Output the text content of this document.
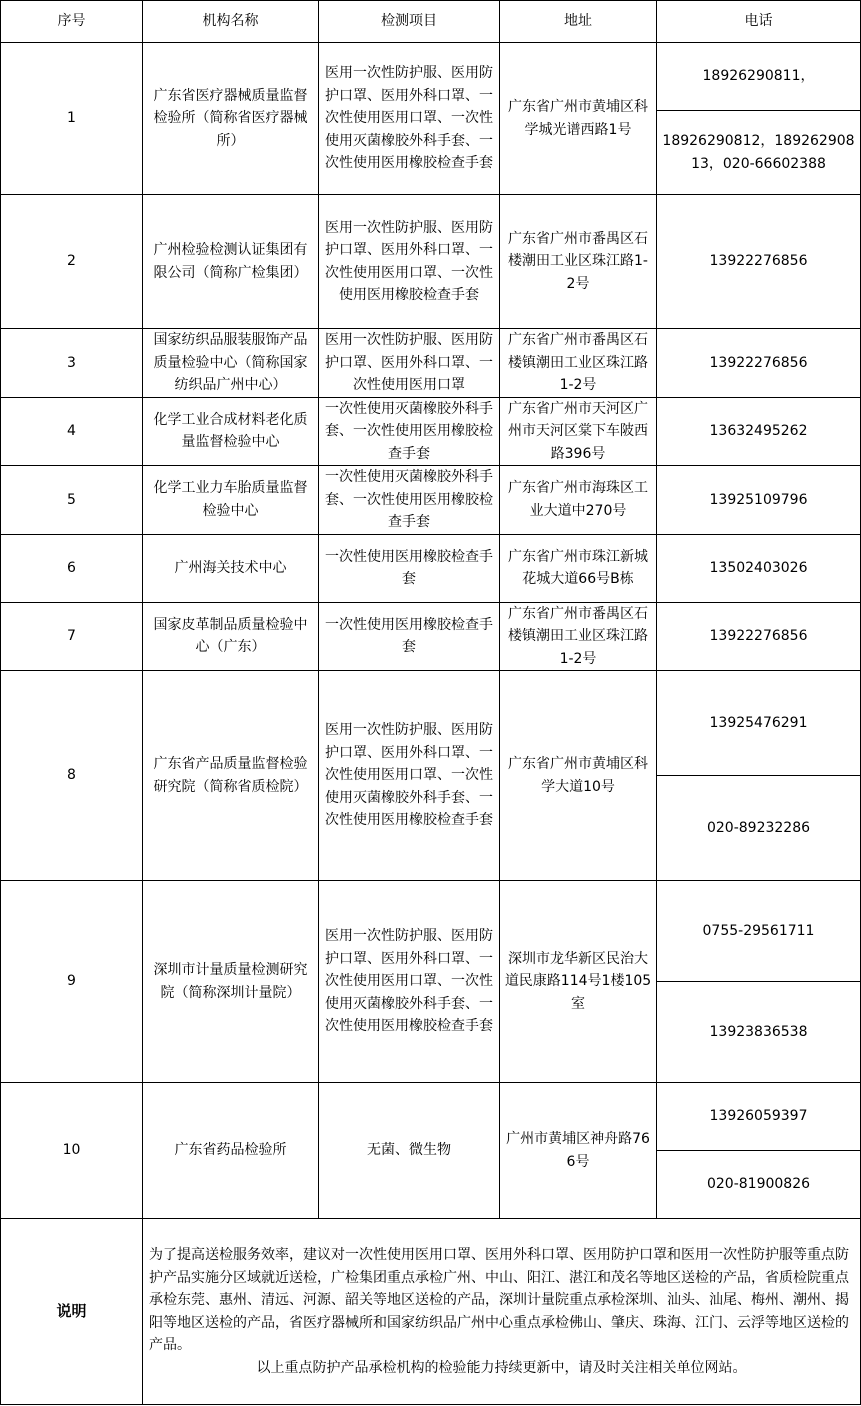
序号	机构名称	检测项目	地址	电话
1	广东省医疗器械质量监督检验所（简称省医疗器械所）	医用一次性防护服、医用防护口罩、医用外科口罩、一次性使用医用口罩、一次性使用灭菌橡胶外科手套、一次性使用医用橡胶检查手套	广东省广州市黄埔区科学城光谱西路1号	18926290811，
				18926290812，18926290813，020-66602388
2	广州检验检测认证集团有限公司（简称广检集团）	医用一次性防护服、医用防护口罩、医用外科口罩、一次性使用医用口罩、一次性使用医用橡胶检查手套	广东省广州市番禺区石楼潮田工业区珠江路1-2号	13922276856
3	国家纺织品服装服饰产品质量检验中心（简称国家纺织品广州中心）	医用一次性防护服、医用防护口罩、医用外科口罩、一次性使用医用口罩	广东省广州市番禺区石楼镇潮田工业区珠江路1-2号	13922276856
4	化学工业合成材料老化质量监督检验中心	一次性使用灭菌橡胶外科手套、一次性使用医用橡胶检查手套	广东省广州市天河区广州市天河区棠下车陂西路396号	13632495262
5	化学工业力车胎质量监督检验中心	一次性使用灭菌橡胶外科手套、一次性使用医用橡胶检查手套	广东省广州市海珠区工业大道中270号	13925109796
6	广州海关技术中心	一次性使用医用橡胶检查手套	广东省广州市珠江新城花城大道66号B栋	13502403026
7	国家皮革制品质量检验中心（广东）	一次性使用医用橡胶检查手套	广东省广州市番禺区石楼镇潮田工业区珠江路1-2号	13922276856
8	广东省产品质量监督检验研究院（简称省质检院）	医用一次性防护服、医用防护口罩、医用外科口罩、一次性使用医用口罩、一次性使用灭菌橡胶外科手套、一次性使用医用橡胶检查手套	广东省广州市黄埔区科学大道10号	13925476291
				020-89232286
9	深圳市计量质量检测研究院（简称深圳计量院）	医用一次性防护服、医用防护口罩、医用外科口罩、一次性使用医用口罩、一次性使用灭菌橡胶外科手套、一次性使用医用橡胶检查手套	深圳市龙华新区民治大道民康路114号1楼105室	0755-29561711
				13923836538
10	广东省药品检验所	无菌、微生物	广州市黄埔区神舟路766号	13926059397
				020-81900826
说明	为了提高送检服务效率，建议对一次性使用医用口罩、医用外科口罩、医用防护口罩和医用一次性防护服等重点防护产品实施分区域就近送检，广检集团重点承检广州、中山、阳江、湛江和茂名等地区送检的产品，省质检院重点承检东莞、惠州、清远、河源、韶关等地区送检的产品，深圳计量院重点承检深圳、汕头、汕尾、梅州、潮州、揭阳等地区送检的产品，省医疗器械所和国家纺织品广州中心重点承检佛山、肇庆、珠海、江门、云浮等地区送检的产品。
以上重点防护产品承检机构的检验能力持续更新中，请及时关注相关单位网站。			
